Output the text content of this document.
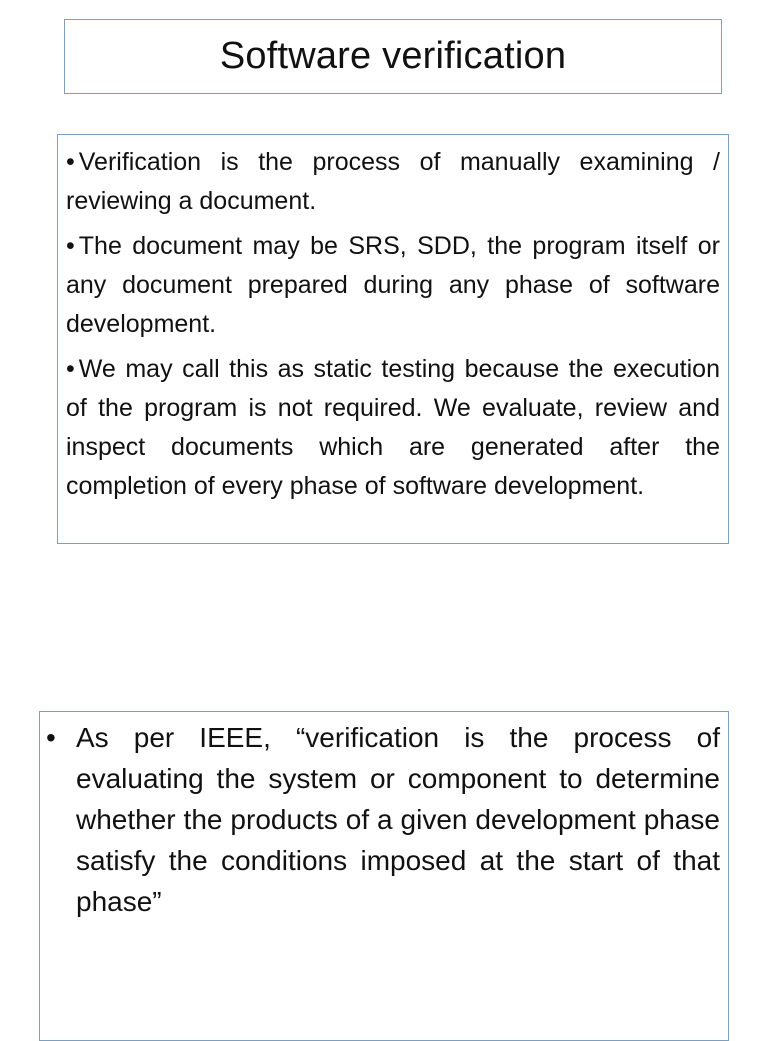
Software verification

• Verification is the process of manually examining / reviewing a document.

• The document may be SRS, SDD, the program itself or any document prepared during any phase of software development.

• We may call this as static testing because the execution of the program is not required. We evaluate, review and inspect documents which are generated after the completion of every phase of software development.

• As per IEEE, “verification is the process of evaluating the system or component to determine whether the products of a given development phase satisfy the conditions imposed at the start of that phase”
